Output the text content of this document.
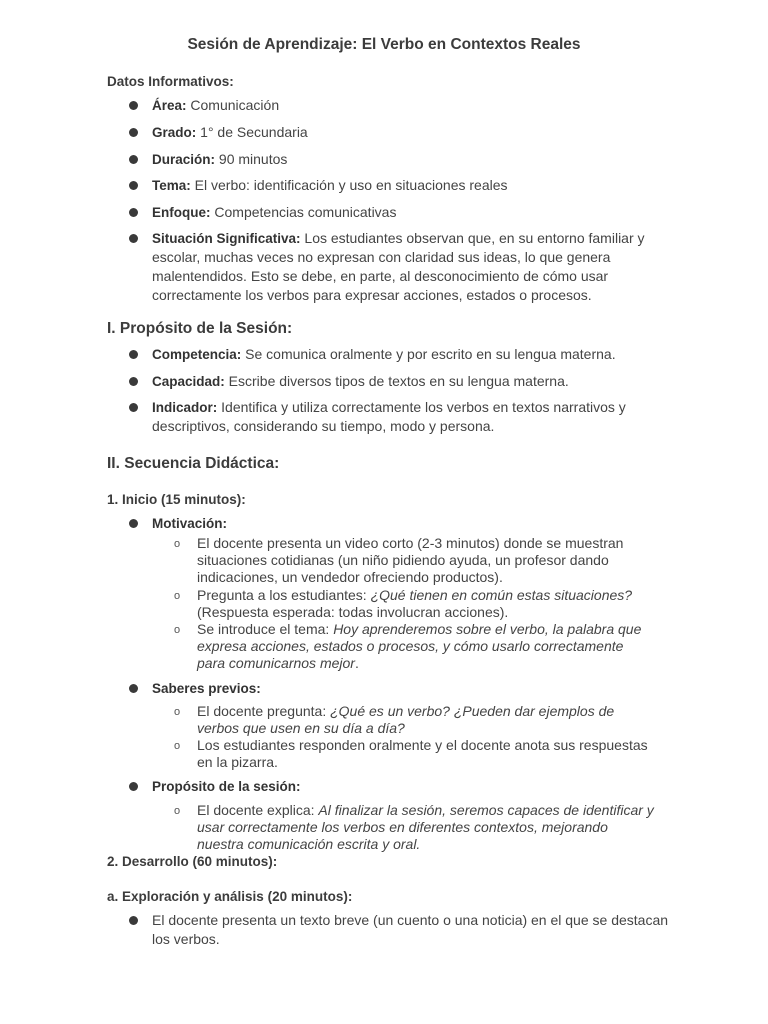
Sesión de Aprendizaje: El Verbo en Contextos Reales
Datos Informativos:
Área: Comunicación
Grado: 1° de Secundaria
Duración: 90 minutos
Tema: El verbo: identificación y uso en situaciones reales
Enfoque: Competencias comunicativas
Situación Significativa: Los estudiantes observan que, en su entorno familiar y escolar, muchas veces no expresan con claridad sus ideas, lo que genera malentendidos. Esto se debe, en parte, al desconocimiento de cómo usar correctamente los verbos para expresar acciones, estados o procesos.
I. Propósito de la Sesión:
Competencia: Se comunica oralmente y por escrito en su lengua materna.
Capacidad: Escribe diversos tipos de textos en su lengua materna.
Indicador: Identifica y utiliza correctamente los verbos en textos narrativos y descriptivos, considerando su tiempo, modo y persona.
II. Secuencia Didáctica:
1. Inicio (15 minutos):
Motivación:
o El docente presenta un video corto (2-3 minutos) donde se muestran situaciones cotidianas (un niño pidiendo ayuda, un profesor dando indicaciones, un vendedor ofreciendo productos).
o Pregunta a los estudiantes: ¿Qué tienen en común estas situaciones? (Respuesta esperada: todas involucran acciones).
o Se introduce el tema: Hoy aprenderemos sobre el verbo, la palabra que expresa acciones, estados o procesos, y cómo usarlo correctamente para comunicarnos mejor.
Saberes previos:
o El docente pregunta: ¿Qué es un verbo? ¿Pueden dar ejemplos de verbos que usen en su día a día?
o Los estudiantes responden oralmente y el docente anota sus respuestas en la pizarra.
Propósito de la sesión:
o El docente explica: Al finalizar la sesión, seremos capaces de identificar y usar correctamente los verbos en diferentes contextos, mejorando nuestra comunicación escrita y oral.
2. Desarrollo (60 minutos):
a. Exploración y análisis (20 minutos):
El docente presenta un texto breve (un cuento o una noticia) en el que se destacan los verbos.
